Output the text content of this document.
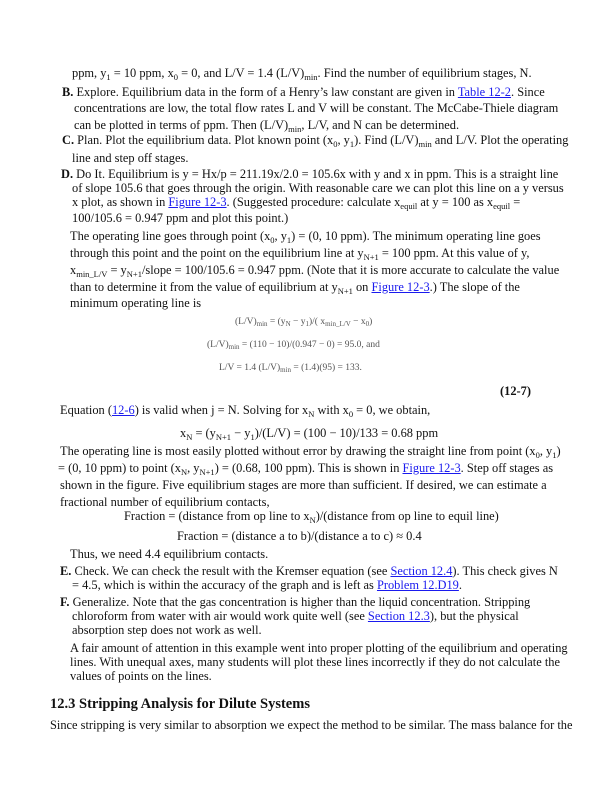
ppm, $y_1 = 10$ ppm, $x_0 = 0$, and L/V = 1.4 $(L/V)_{min}$. Find the number of equilibrium stages, N.
B. Explore. Equilibrium data in the form of a Henry’s law constant are given in Table 12-2. Since
concentrations are low, the total flow rates L and V will be constant. The McCabe-Thiele diagram
can be plotted in terms of ppm. Then $(L/V)_{min}$, L/V, and N can be determined.
C. Plan. Plot the equilibrium data. Plot known point ($x_0$, $y_1$). Find $(L/V)_{min}$ and L/V. Plot the operating
line and step off stages.
D. Do It. Equilibrium is y = Hx/p = 211.19x/2.0 = 105.6x with y and x in ppm. This is a straight line
of slope 105.6 that goes through the origin. With reasonable care we can plot this line on a y versus
x plot, as shown in Figure 12-3. (Suggested procedure: calculate $x_{equil}$ at y = 100 as $x_{equil}$ =
100/105.6 = 0.947 ppm and plot this point.)
The operating line goes through point ($x_0$, $y_1) = (0$, 10 ppm). The minimum operating line goes
through this point and the point on the equilibrium line at $y_{N+1} = 100$ ppm. At this value of y,
$x_{min\_L/V}$ = $y_{N+1}$/slope = 100/105.6 = 0.947 ppm. (Note that it is more accurate to calculate the value
than to determine it from the value of equilibrium at $y_{N+1}$ on Figure 12-3.) The slope of the
minimum operating line is
$(L/V)_{min} = (y_N - y_1)/$( $x_{min\_L/V} - x_0$)
$(L/V)_{min} = (110 - 10)/(0.947 - 0) = 95.0$, and
L/V = 1.4 $(L/V)_{min} = (1.4)(95) = 133$.
(12-7)
Equation (12-6) is valid when j = N. Solving for $x_N$ with $x_0 = 0$, we obtain,
$x_N = (y_{N+1} - y_1)/(L/V) = (100 - 10)/133 = 0.68$ ppm
The operating line is most easily plotted without error by drawing the straight line from point ($x_0$, $y_1$)
= (0, 10 ppm) to point ($x_N$, $y_{N+1}) = (0.68$, 100 ppm). This is shown in Figure 12-3. Step off stages as
shown in the figure. Five equilibrium stages are more than sufficient. If desired, we can estimate a
fractional number of equilibrium contacts,
Fraction = (distance from op line to $x_N)/(distance$ from op line to equil line)
Fraction = (distance a to b)/(distance a to c) ≈ 0.4
Thus, we need 4.4 equilibrium contacts.
E. Check. We can check the result with the Kremser equation (see Section 12.4). This check gives N
= 4.5, which is within the accuracy of the graph and is left as Problem 12.D19.
F. Generalize. Note that the gas concentration is higher than the liquid concentration. Stripping
chloroform from water with air would work quite well (see Section 12.3), but the physical
absorption step does not work as well.
A fair amount of attention in this example went into proper plotting of the equilibrium and operating
lines. With unequal axes, many students will plot these lines incorrectly if they do not calculate the
values of points on the lines.
12.3 Stripping Analysis for Dilute Systems
Since stripping is very similar to absorption we expect the method to be similar. The mass balance for the
